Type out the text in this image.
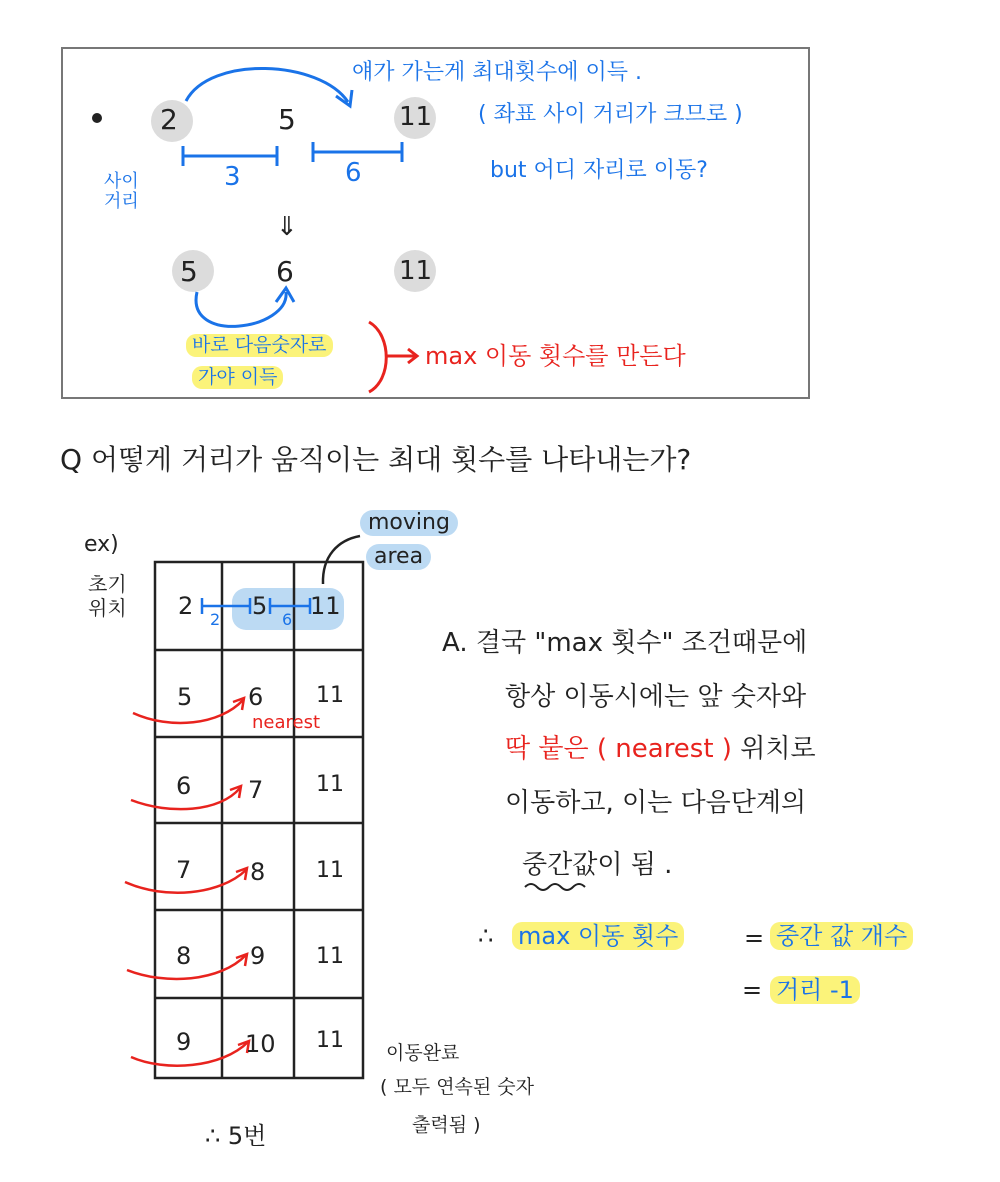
얘가 가는게 최대횟수에 이득 .
( 좌표 사이 거리가 크므로 )
but 어디 자리로 이동?
사이
거리
2	5	11
3	6
⇓
5	6	11
바로 다음숫자로
가야 이득
max 이동 횟수를 만든다
Q 어떻게 거리가 움직이는 최대 횟수를 나타내는가?
ex)
초기
위치
moving
area
2 5 11
2	6
5 6 11
nearest
6 7 11
7 8 11
8 9 11
9 10 11 이동완료
( 모두 연속된 숫자
출력됨 )
∴ 5번
A. 결국 "max 횟수" 조건때문에
항상 이동시에는 앞 숫자와
딱 붙은 ( nearest ) 위치로
이동하고, 이는 다음단계의
중간값이 됨 .
∴ max 이동 횟수	= 중간 값 개수
= 거리 -1
